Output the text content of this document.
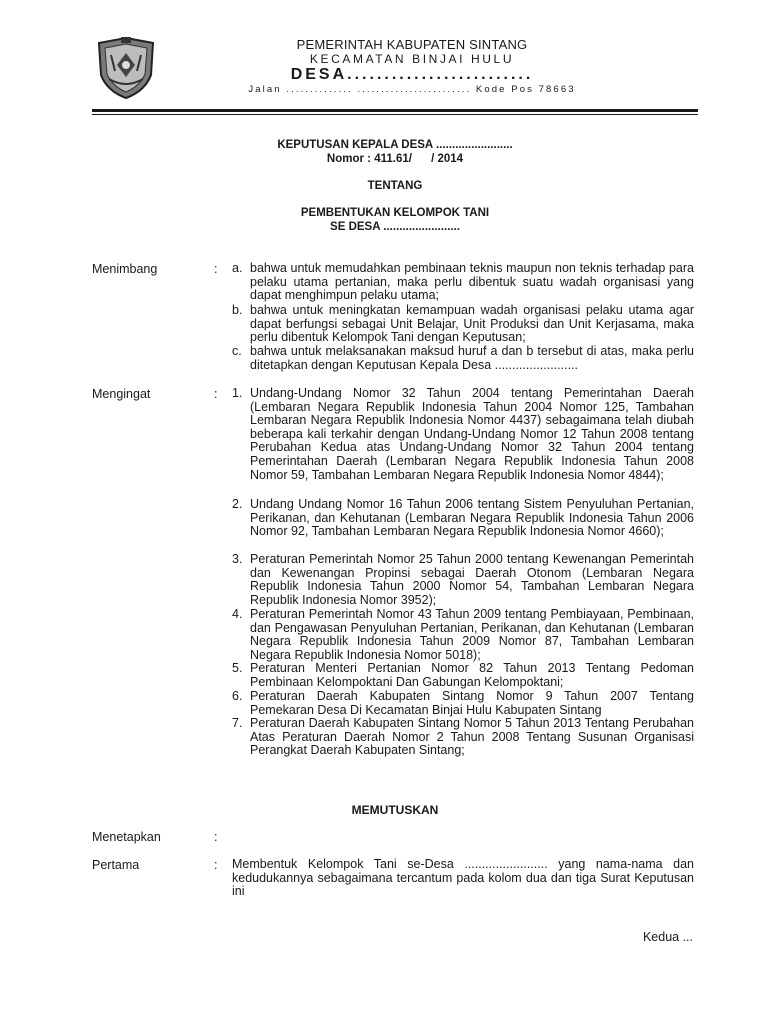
PEMERINTAH KABUPATEN SINTANG
KECAMATAN BINJAI HULU
DESA.........................
Jalan .............. ........................ Kode Pos 78663
KEPUTUSAN KEPALA DESA ........................
Nomor : 411.61/      / 2014
TENTANG
PEMBENTUKAN KELOMPOK TANI
SE DESA ........................
Menimbang	: a. bahwa untuk memudahkan pembinaan teknis maupun non teknis terhadap para pelaku utama pertanian, maka perlu dibentuk suatu wadah organisasi yang dapat menghimpun pelaku utama;
b. bahwa untuk meningkatan kemampuan wadah organisasi pelaku utama agar dapat berfungsi sebagai Unit Belajar, Unit Produksi dan Unit Kerjasama, maka perlu dibentuk Kelompok Tani dengan Keputusan;
c. bahwa untuk melaksanakan maksud huruf a dan b tersebut di atas, maka perlu ditetapkan dengan Keputusan Kepala Desa ........................
Mengingat	: 1. Undang-Undang Nomor 32 Tahun 2004 tentang Pemerintahan Daerah (Lembaran Negara Republik Indonesia Tahun 2004 Nomor 125, Tambahan Lembaran Negara Republik Indonesia Nomor 4437) sebagaimana telah diubah beberapa kali terkahir dengan Undang-Undang Nomor 12 Tahun 2008 tentang Perubahan Kedua atas Undang-Undang Nomor 32 Tahun 2004 tentang Pemerintahan Daerah (Lembaran Negara Republik Indonesia Tahun 2008 Nomor 59, Tambahan Lembaran Negara Republik Indonesia Nomor 4844);
2. Undang Undang Nomor 16 Tahun 2006 tentang Sistem Penyuluhan Pertanian, Perikanan, dan Kehutanan (Lembaran Negara Republik Indonesia Tahun 2006 Nomor 92, Tambahan Lembaran Negara Republik Indonesia Nomor 4660);
3. Peraturan Pemerintah Nomor 25 Tahun 2000 tentang Kewenangan Pemerintah dan Kewenangan Propinsi sebagai Daerah Otonom (Lembaran Negara Republik Indonesia Tahun 2000 Nomor 54, Tambahan Lembaran Negara Republik Indonesia Nomor 3952);
4. Peraturan Pemerintah Nomor 43 Tahun 2009 tentang Pembiayaan, Pembinaan, dan Pengawasan Penyuluhan Pertanian, Perikanan, dan Kehutanan (Lembaran Negara Republik Indonesia Tahun 2009 Nomor 87, Tambahan Lembaran Negara Republik Indonesia Nomor 5018);
5. Peraturan Menteri Pertanian Nomor 82 Tahun 2013 Tentang Pedoman Pembinaan Kelompoktani Dan Gabungan Kelompoktani;
6. Peraturan Daerah Kabupaten Sintang Nomor 9 Tahun 2007 Tentang Pemekaran Desa Di Kecamatan Binjai Hulu Kabupaten Sintang
7. Peraturan Daerah Kabupaten Sintang Nomor 5 Tahun 2013 Tentang Perubahan Atas Peraturan Daerah Nomor 2 Tahun 2008 Tentang Susunan Organisasi Perangkat Daerah Kabupaten Sintang;
MEMUTUSKAN
Menetapkan	:
Pertama	: Membentuk Kelompok Tani se-Desa ........................ yang nama-nama dan kedudukannya sebagaimana tercantum pada kolom dua dan tiga Surat Keputusan ini
Kedua ...
